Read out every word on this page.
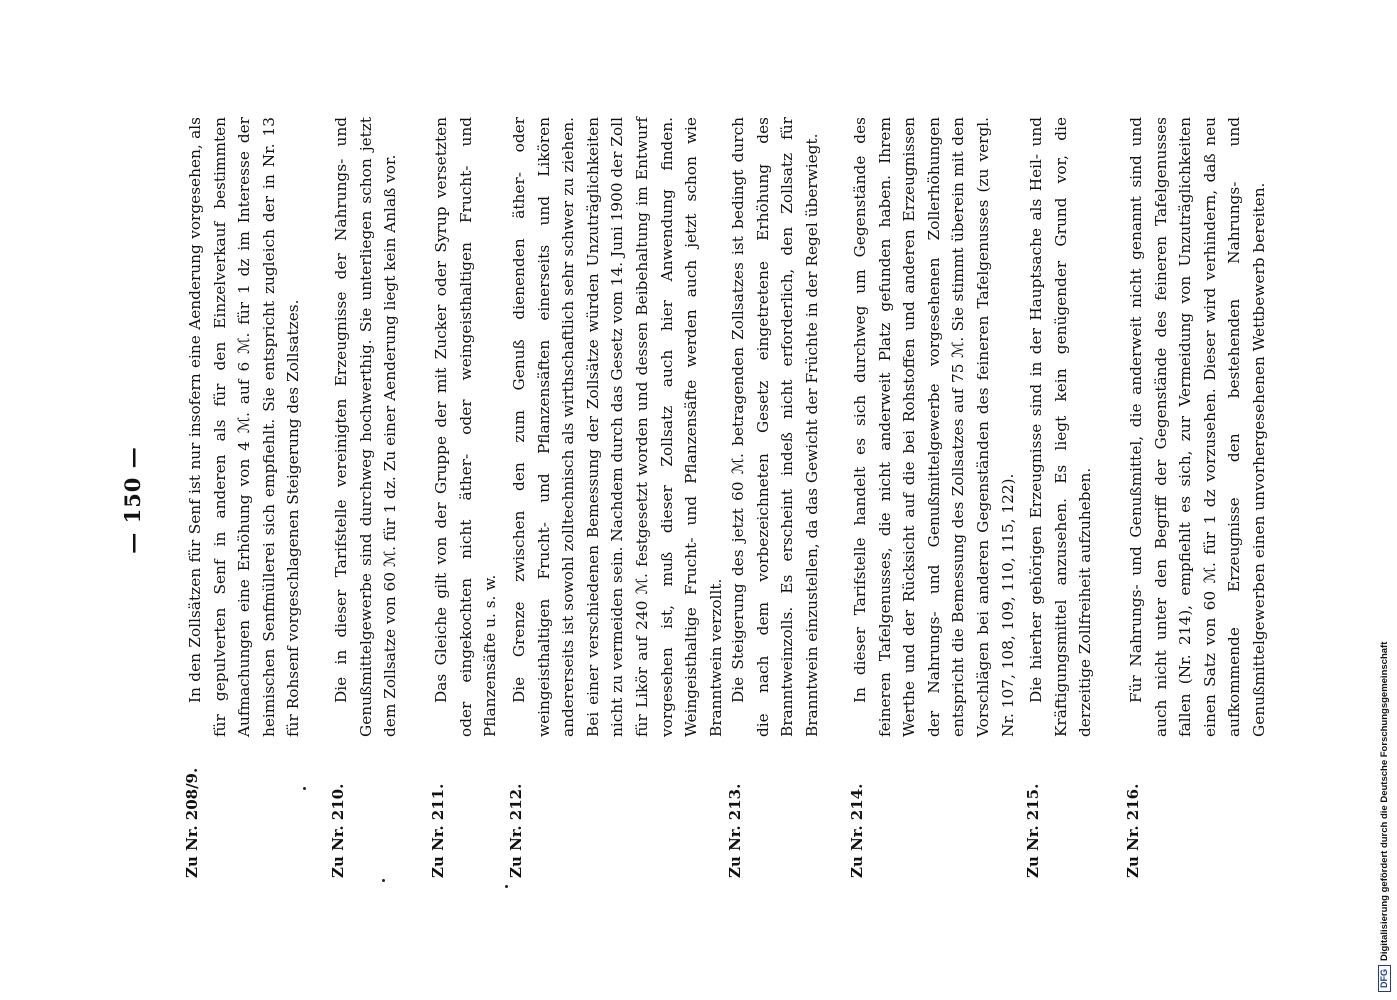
— 150 —
Zu Nr. 208/9.
In den Zollsätzen für Senf ist nur insofern eine Aenderung vorgesehen, als für gepulverten Senf in anderen als für den Einzelverkauf bestimmten Aufmachungen eine Erhöhung von 4 ℳ. auf 6 ℳ. für 1 dz im Interesse der heimischen Senfmüllerei sich empfiehlt. Sie entspricht zugleich der in Nr. 13 für Rohsenf vorgeschlagenen Steigerung des Zollsatzes.
Zu Nr. 210.
Die in dieser Tarifstelle vereinigten Erzeugnisse der Nahrungs- und Genußmittelgewerbe sind durchweg hochwerthig. Sie unterliegen schon jetzt dem Zollsatze von 60 ℳ. für 1 dz. Zu einer Aenderung liegt kein Anlaß vor.
Zu Nr. 211.
Das Gleiche gilt von der Gruppe der mit Zucker oder Syrup versetzten oder eingekochten nicht äther- oder weingeisthaltigen Frucht- und Pflanzensäfte u. s. w.
Zu Nr. 212.
Die Grenze zwischen den zum Genuß dienenden äther- oder weingeisthaltigen Frucht- und Pflanzensäften einerseits und Likören andererseits ist sowohl zolltechnisch als wirthschaftlich sehr schwer zu ziehen. Bei einer verschiedenen Bemessung der Zollsätze würden Unzuträglichkeiten nicht zu vermeiden sein. Nachdem durch das Gesetz vom 14. Juni 1900 der Zoll für Likör auf 240 ℳ. festgesetzt worden und dessen Beibehaltung im Entwurf vorgesehen ist, muß dieser Zollsatz auch hier Anwendung finden. Weingeisthaltige Frucht- und Pflanzensäfte werden auch jetzt schon wie Branntwein verzollt.
Zu Nr. 213.
Die Steigerung des jetzt 60 ℳ. betragenden Zollsatzes ist bedingt durch die nach dem vorbezeichneten Gesetz eingetretene Erhöhung des Branntweinzolls. Es erscheint indeß nicht erforderlich, den Zollsatz für Branntwein einzustellen, da das Gewicht der Früchte in der Regel überwiegt.
Zu Nr. 214.
In dieser Tarifstelle handelt es sich durchweg um Gegenstände des feineren Tafelgenusses, die nicht anderweit Platz gefunden haben. Ihrem Werthe und der Rücksicht auf die bei Rohstoffen und anderen Erzeugnissen der Nahrungs- und Genußmittelgewerbe vorgesehenen Zollerhöhungen entspricht die Bemessung des Zollsatzes auf 75 ℳ. Sie stimmt überein mit den Vorschlägen bei anderen Gegenständen des feineren Tafelgenusses (zu vergl. Nr. 107, 108, 109, 110, 115, 122).
Zu Nr. 215.
Die hierher gehörigen Erzeugnisse sind in der Hauptsache als Heil- und Kräftigungsmittel anzusehen. Es liegt kein genügender Grund vor, die derzeitige Zollfreiheit aufzuheben.
Zu Nr. 216.
Für Nahrungs- und Genußmittel, die anderweit nicht genannt sind und auch nicht unter den Begriff der Gegenstände des feineren Tafelgenusses fallen (Nr. 214), empfiehlt es sich, zur Vermeidung von Unzuträglichkeiten einen Satz von 60 ℳ. für 1 dz vorzusehen. Dieser wird verhindern, daß neu aufkommende Erzeugnisse den bestehenden Nahrungs- und Genußmittelgewerben einen unvorhergesehenen Wettbewerb bereiten.
DFG
Digitalisierung gefördert durch die Deutsche Forschungsgemeinschaft
